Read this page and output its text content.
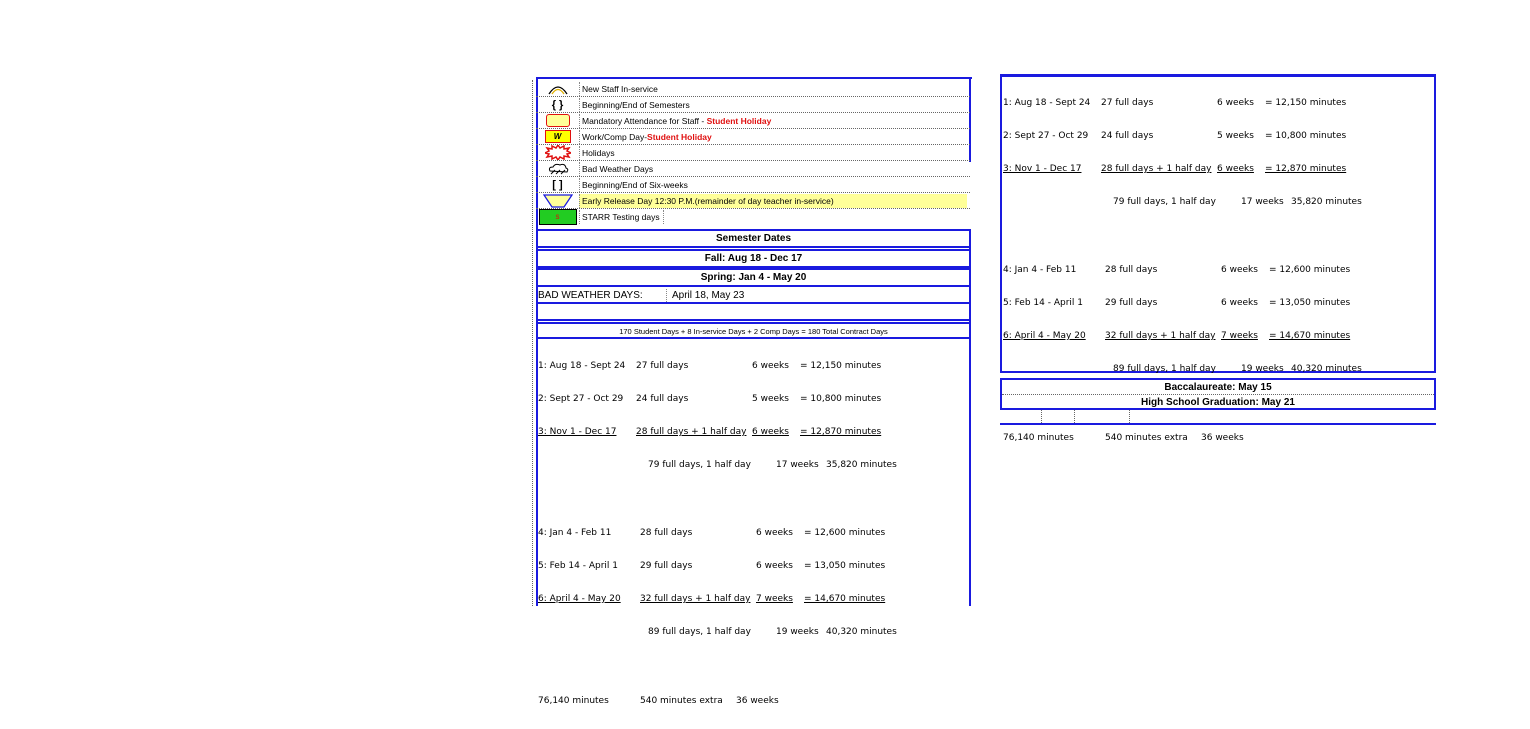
New Staff In-service
{ }	Beginning/End of Semesters
Mandatory Attendance for Staff - Student Holiday
W	Work/Comp Day-Student Holiday
Holidays
Bad Weather Days
[ ]	Beginning/End of Six-weeks
Early Release Day 12:30 P.M.(remainder of day teacher in-service)
s	STARR Testing days
Semester Dates
Fall: Aug 18 - Dec 17
Spring: Jan 4 - May 20
BAD WEATHER DAYS:	April 18, May 23
170 Student Days + 8 In-service Days + 2 Comp Days = 180 Total Contract Days

1: Aug 18 - Sept 24 27 full days	6 weeks = 12,150 minutes

2: Sept 27 - Oct 29 24 full days	5 weeks = 10,800 minutes

3: Nov 1 - Dec 17 28 full days + 1 half day 6 weeks = 12,870 minutes

79 full days, 1 half day	17 weeks 35,820 minutes

4: Jan 4 - Feb 11	28 full days	6 weeks = 12,600 minutes

5: Feb 14 - April 1 29 full days	6 weeks = 13,050 minutes

6: April 4 - May 20 32 full days + 1 half day 7 weeks = 14,670 minutes

89 full days, 1 half day	19 weeks 40,320 minutes

76,140 minutes	540 minutes extra 36 weeks

1: Aug 18 - Sept 24 27 full days	6 weeks = 12,150 minutes

2: Sept 27 - Oct 29 24 full days	5 weeks = 10,800 minutes

3: Nov 1 - Dec 17 28 full days + 1 half day 6 weeks = 12,870 minutes

79 full days, 1 half day	17 weeks 35,820 minutes

4: Jan 4 - Feb 11	28 full days	6 weeks = 12,600 minutes

5: Feb 14 - April 1 29 full days	6 weeks = 13,050 minutes

6: April 4 - May 20 32 full days + 1 half day 7 weeks = 14,670 minutes

89 full days, 1 half day	19 weeks 40,320 minutes

76,140 minutes	540 minutes extra 36 weeks

Baccalaureate: May 15
High School Graduation: May 21
